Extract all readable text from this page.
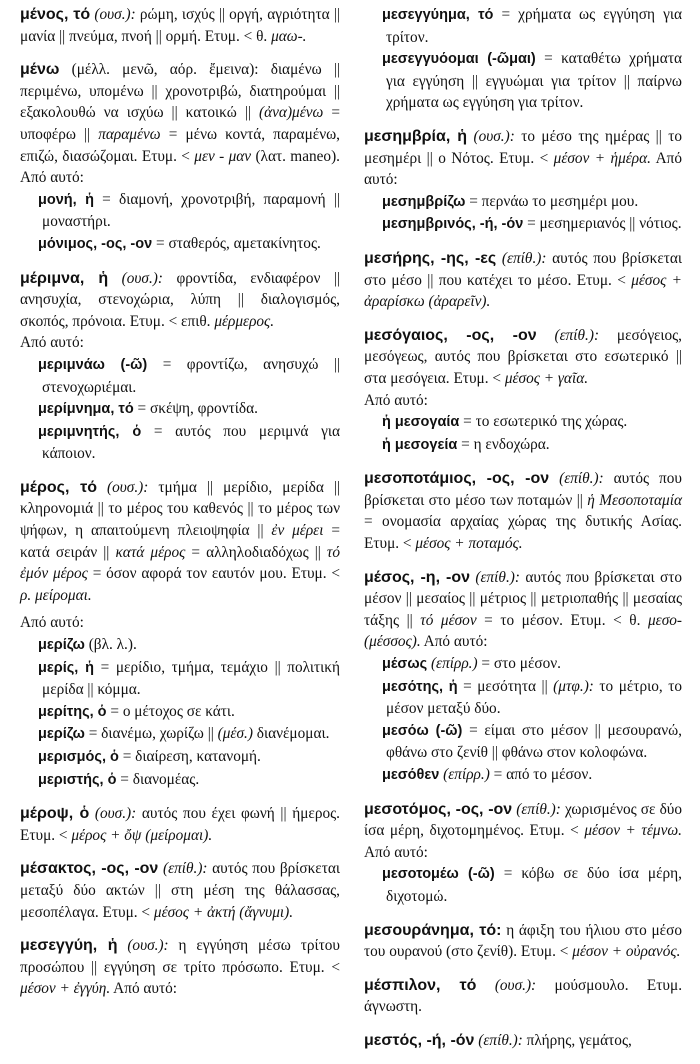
μένος, τό (ουσ.): ρώμη, ισχύς || οργή, αγριότητα || μανία || πνεύμα, πνοή || ορμή. Ετυμ. < θ. μαω-.
μένω (μέλλ. μενῶ, αόρ. ἔμεινα): διαμένω || περιμένω, υπομένω || χρονοτριβώ, διατηρούμαι || εξακολουθώ να ισχύω || κατοικώ || (ἀνα)μένω = υποφέρω || παραμένω = μένω κοντά, παραμένω, επιζώ, διασώζομαι. Ετυμ. < μεν - μαν (λατ. maneo). Από αυτό:
μονή, ἡ = διαμονή, χρονοτριβή, παραμονή || μοναστήρι.
μόνιμος, -ος, -ον = σταθερός, αμετακίνητος.
μέριμνα, ἡ (ουσ.): φροντίδα, ενδιαφέρον || ανησυχία, στενοχώρια, λύπη || διαλογισμός, σκοπός, πρόνοια. Ετυμ. < επιθ. μέρμερος.
Από αυτό:
μεριμνάω (-ῶ) = φροντίζω, ανησυχώ || στενοχωριέμαι.
μερίμνημα, τό = σκέψη, φροντίδα.
μεριμνητής, ὁ = αυτός που μεριμνά για κάποιον.
μέρος, τό (ουσ.): τμήμα || μερίδιο, μερίδα || κληρονομιά || το μέρος του καθενός || το μέρος των ψήφων, η απαιτούμενη πλειοψηφία || ἐν μέρει = κατά σειράν || κατά μέρος = αλληλοδιαδόχως || τό ἐμόν μέρος = όσον αφορά τον εαυτόν μου. Ετυμ. < ρ. μείρομαι.
Από αυτό:
μερίζω (βλ. λ.).
μερίς, ἡ = μερίδιο, τμήμα, τεμάχιο || πολιτική μερίδα || κόμμα.
μερίτης, ὁ = ο μέτοχος σε κάτι.
μερίζω = διανέμω, χωρίζω || (μέσ.) διανέμομαι.
μερισμός, ὁ = διαίρεση, κατανομή.
μεριστής, ὁ = διανομέας.
μέροψ, ὁ (ουσ.): αυτός που έχει φωνή || ήμερος. Ετυμ. < μέρος + ὄψ (μείρομαι).
μέσακτος, -ος, -ον (επίθ.): αυτός που βρίσκεται μεταξύ δύο ακτών || στη μέση της θάλασσας, μεσοπέλαγα. Ετυμ. < μέσος + ἀκτή (ἄγνυμι).
μεσεγγύη, ἡ (ουσ.): η εγγύηση μέσω τρίτου προσώπου || εγγύηση σε τρίτο πρόσωπο. Ετυμ. < μέσον + ἐγγύη. Από αυτό:
μεσεγγύημα, τό = χρήματα ως εγγύηση για τρίτον.
μεσεγγυόομαι (-ῶμαι) = καταθέτω χρήματα για εγγύηση || εγγυώμαι για τρίτον || παίρνω χρήματα ως εγγύηση για τρίτον.
μεσημβρία, ἡ (ουσ.): το μέσο της ημέρας || το μεσημέρι || ο Νότος. Ετυμ. < μέσον + ἡμέρα. Από αυτό:
μεσημβρίζω = περνάω το μεσημέρι μου.
μεσημβρινός, -ή, -όν = μεσημεριανός || νότιος.
μεσήρης, -ης, -ες (επίθ.): αυτός που βρίσκεται στο μέσο || που κατέχει το μέσο. Ετυμ. < μέσος + ἀραρίσκω (ἀραρεῖν).
μεσόγαιος, -ος, -ον (επίθ.): μεσόγειος, μεσόγεως, αυτός που βρίσκεται στο εσωτερικό || στα μεσόγεια. Ετυμ. < μέσος + γαῖα.
Από αυτό:
ἡ μεσογαία = το εσωτερικό της χώρας.
ἡ μεσογεία = η ενδοχώρα.
μεσοποτάμιος, -ος, -ον (επίθ.): αυτός που βρίσκεται στο μέσο των ποταμών || ἡ Μεσοποταμία = ονομασία αρχαίας χώρας της δυτικής Ασίας. Ετυμ. < μέσος + ποταμός.
μέσος, -η, -ον (επίθ.): αυτός που βρίσκεται στο μέσον || μεσαίος || μέτριος || μετριοπαθής || μεσαίας τάξης || τό μέσον = το μέσον. Ετυμ. < θ. μεσο- (μέσσος). Από αυτό:
μέσως (επίρρ.) = στο μέσον.
μεσότης, ἡ = μεσότητα || (μτφ.): το μέτριο, το μέσον μεταξύ δύο.
μεσόω (-ῶ) = είμαι στο μέσον || μεσουρανώ, φθάνω στο ζενίθ || φθάνω στον κολοφώνα.
μεσόθεν (επίρρ.) = από το μέσον.
μεσοτόμος, -ος, -ον (επίθ.): χωρισμένος σε δύο ίσα μέρη, διχοτομημένος. Ετυμ. < μέσον + τέμνω. Από αυτό:
μεσοτομέω (-ῶ) = κόβω σε δύο ίσα μέρη, διχοτομώ.
μεσουράνημα, τό: η άφιξη του ήλιου στο μέσο του ουρανού (στο ζενίθ). Ετυμ. < μέσον + οὐρανός.
μέσπιλον, τό (ουσ.): μούσμουλο. Ετυμ. άγνωστη.
μεστός, -ή, -όν (επίθ.): πλήρης, γεμάτος,
